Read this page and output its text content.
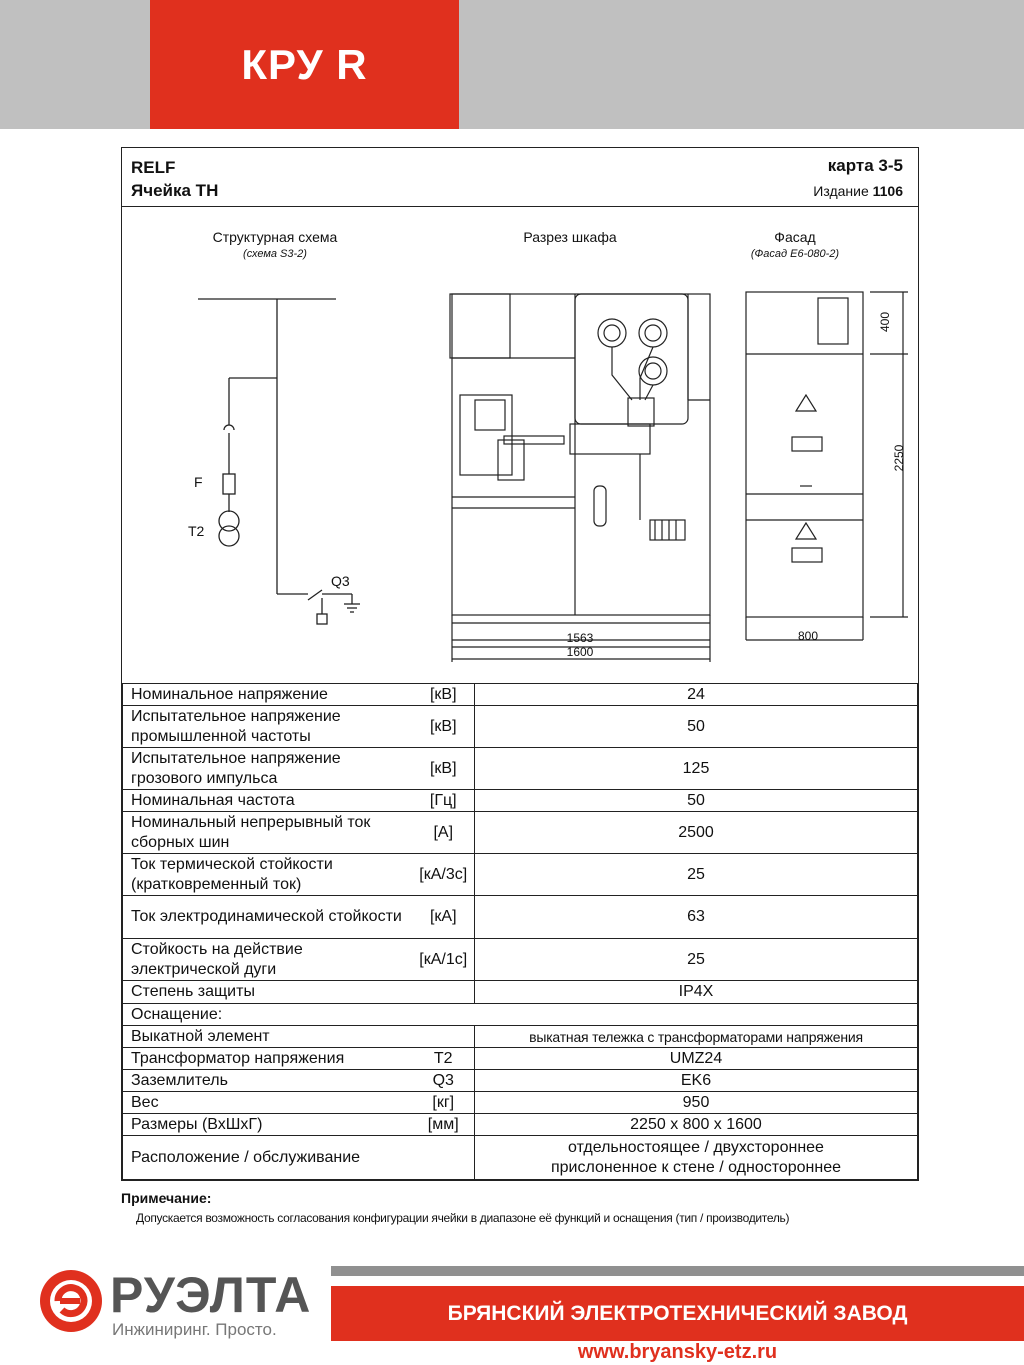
КРУ R
RELF
Ячейка ТН
карта 3-5
Издание 1106
Структурная схема
(схема S3-2)
Разрез шкафа	Фасад
(Фасад E6-080-2)
1563
1600
800
400
2250
F
T2
Q3
Номинальное напряжение	[кВ]	24
Испытательное напряжение промышленной частоты	[кВ]	50
Испытательное напряжение грозового импульса	[кВ]	125
Номинальная частота	[Гц]	50
Номинальный непрерывный ток сборных шин	[А]	2500
Ток термической стойкости (кратковременный ток)	[кА/3с]	25
Ток электродинамической стойкости	[кА]	63
Стойкость на действие электрической дуги	[кА/1с]	25
Степень защиты		IP4X
Оснащение:		
Выкатной элемент		выкатная тележка с трансформаторами напряжения
Трансформатор напряжения	T2	UMZ24
Заземлитель	Q3	EK6
Вес	[кг]	950
Размеры (ВхШхГ)	[мм]	2250 х 800 х 1600
Расположение / обслуживание		отдельностоящее / двухстороннее
прислоненное к стене / одностороннее
Примечание:
Допускается возможность согласования конфигурации ячейки в диапазоне её функций и оснащения (тип / производитель)
РУЭЛТА
Инжиниринг. Просто.
БРЯНСКИЙ ЭЛЕКТРОТЕХНИЧЕСКИЙ ЗАВОД
www.bryansky-etz.ru
